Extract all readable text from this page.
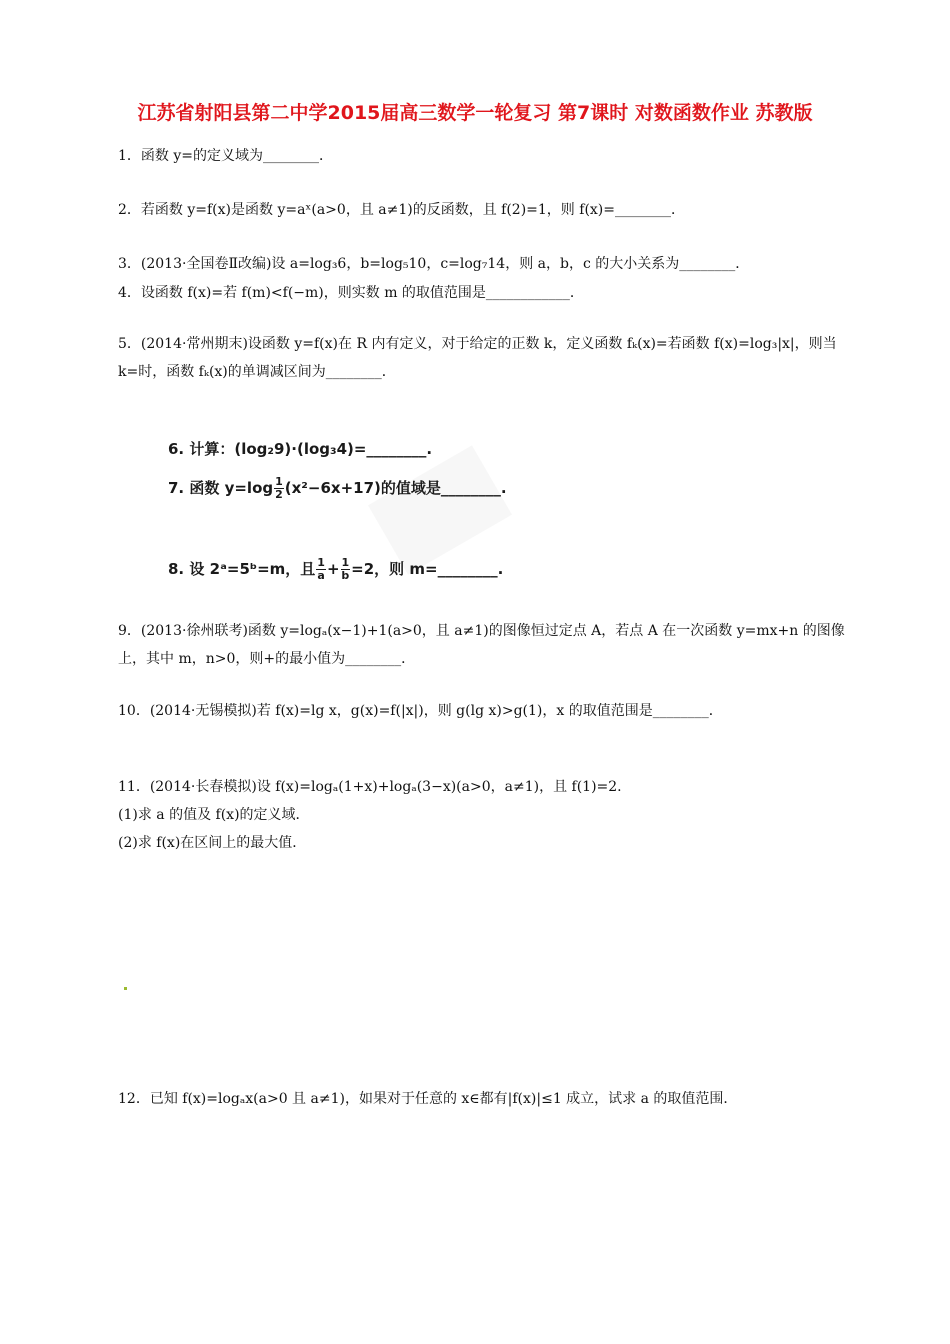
江苏省射阳县第二中学2015届高三数学一轮复习 第7课时 对数函数作业 苏教版
1．函数 y=的定义域为________．
2．若函数 y=f(x)是函数 y=aˣ(a>0，且 a≠1)的反函数，且 f(2)=1，则 f(x)=________．
3．(2013·全国卷Ⅱ改编)设 a=log₃6，b=log₅10，c=log₇14，则 a，b，c 的大小关系为________．
4．设函数 f(x)=若 f(m)<f(−m)，则实数 m 的取值范围是____________．
5．(2014·常州期末)设函数 y=f(x)在 R 内有定义，对于给定的正数 k，定义函数 fₖ(x)=若函数 f(x)=log₃|x|，则当 k=时，函数 fₖ(x)的单调减区间为________．
6. 计算：(log₂9)·(log₃4)=________.
7. 函数 $y=\log \frac{1}{2} (x^2-6x+17)$的值域是________.
8. 设 2ᵃ=5ᵇ=m，且 $\frac{1}{a} + \frac{1}{b} =2$，则 m=________.
9．(2013·徐州联考)函数 y=logₐ(x−1)+1(a>0，且 a≠1)的图像恒过定点 A，若点 A 在一次函数 y=mx+n 的图像上，其中 m，n>0，则+的最小值为________．
10．(2014·无锡模拟)若 f(x)=lg x，g(x)=f(|x|)，则 g(lg x)>g(1)，x 的取值范围是________．
11．(2014·长春模拟)设 f(x)=logₐ(1+x)+logₐ(3−x)(a>0，a≠1)，且 f(1)=2.
(1)求 a 的值及 f(x)的定义域．
(2)求 f(x)在区间上的最大值．
12．已知 f(x)=logₐx(a>0 且 a≠1)，如果对于任意的 x∈都有|f(x)|≤1 成立，试求 a 的取值范围．
